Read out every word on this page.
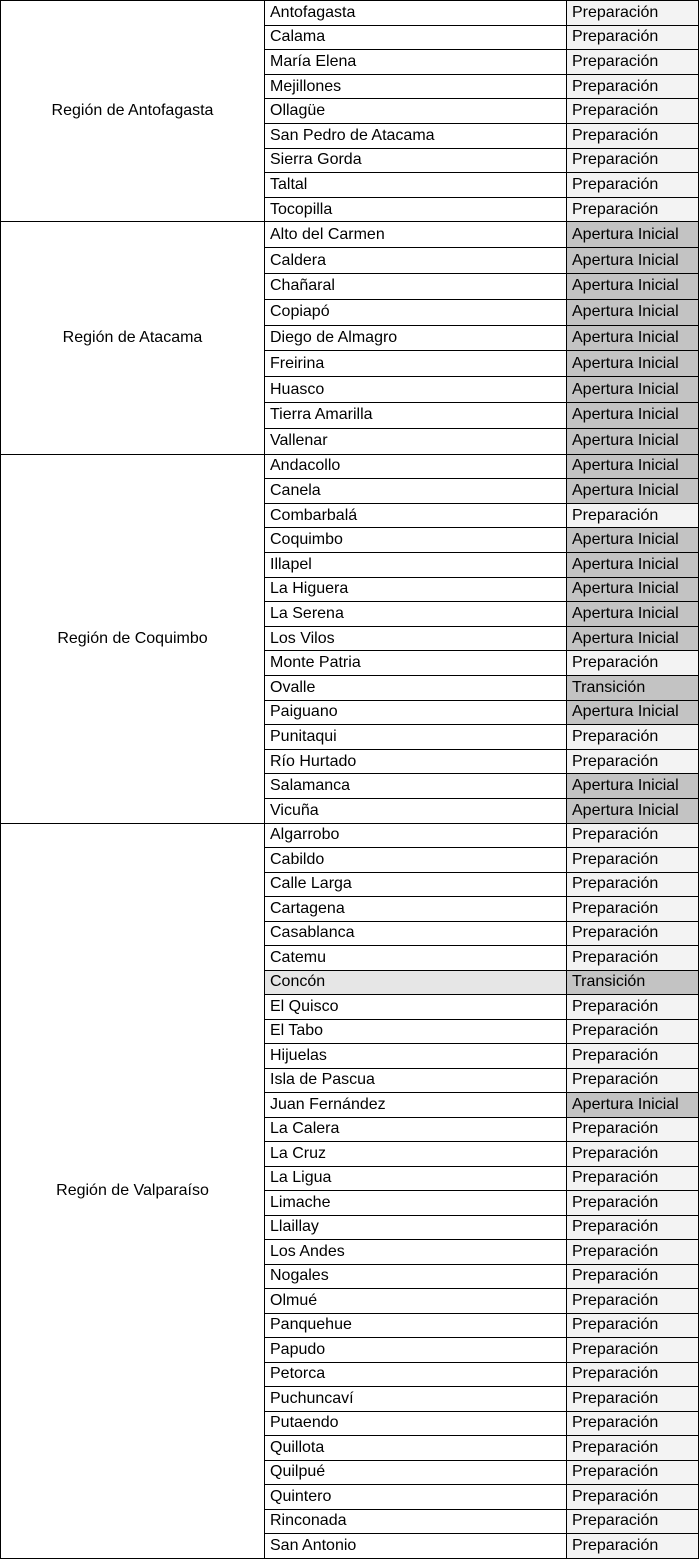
Región de Antofagasta
Antofagasta	Preparación
Calama	Preparación
María Elena	Preparación
Mejillones	Preparación
Ollagüe	Preparación
San Pedro de Atacama	Preparación
Sierra Gorda	Preparación
Taltal	Preparación
Tocopilla	Preparación
Región de Atacama
Alto del Carmen	Apertura Inicial
Caldera	Apertura Inicial
Chañaral	Apertura Inicial
Copiapó	Apertura Inicial
Diego de Almagro	Apertura Inicial
Freirina	Apertura Inicial
Huasco	Apertura Inicial
Tierra Amarilla	Apertura Inicial
Vallenar	Apertura Inicial
Región de Coquimbo
Andacollo	Apertura Inicial
Canela	Apertura Inicial
Combarbalá	Preparación
Coquimbo	Apertura Inicial
Illapel	Apertura Inicial
La Higuera	Apertura Inicial
La Serena	Apertura Inicial
Los Vilos	Apertura Inicial
Monte Patria	Preparación
Ovalle	Transición
Paiguano	Apertura Inicial
Punitaqui	Preparación
Río Hurtado	Preparación
Salamanca	Apertura Inicial
Vicuña	Apertura Inicial
Región de Valparaíso
Algarrobo	Preparación
Cabildo	Preparación
Calle Larga	Preparación
Cartagena	Preparación
Casablanca	Preparación
Catemu	Preparación
Concón	Transición
El Quisco	Preparación
El Tabo	Preparación
Hijuelas	Preparación
Isla de Pascua	Preparación
Juan Fernández	Apertura Inicial
La Calera	Preparación
La Cruz	Preparación
La Ligua	Preparación
Limache	Preparación
Llaillay	Preparación
Los Andes	Preparación
Nogales	Preparación
Olmué	Preparación
Panquehue	Preparación
Papudo	Preparación
Petorca	Preparación
Puchuncaví	Preparación
Putaendo	Preparación
Quillota	Preparación
Quilpué	Preparación
Quintero	Preparación
Rinconada	Preparación
San Antonio	Preparación
